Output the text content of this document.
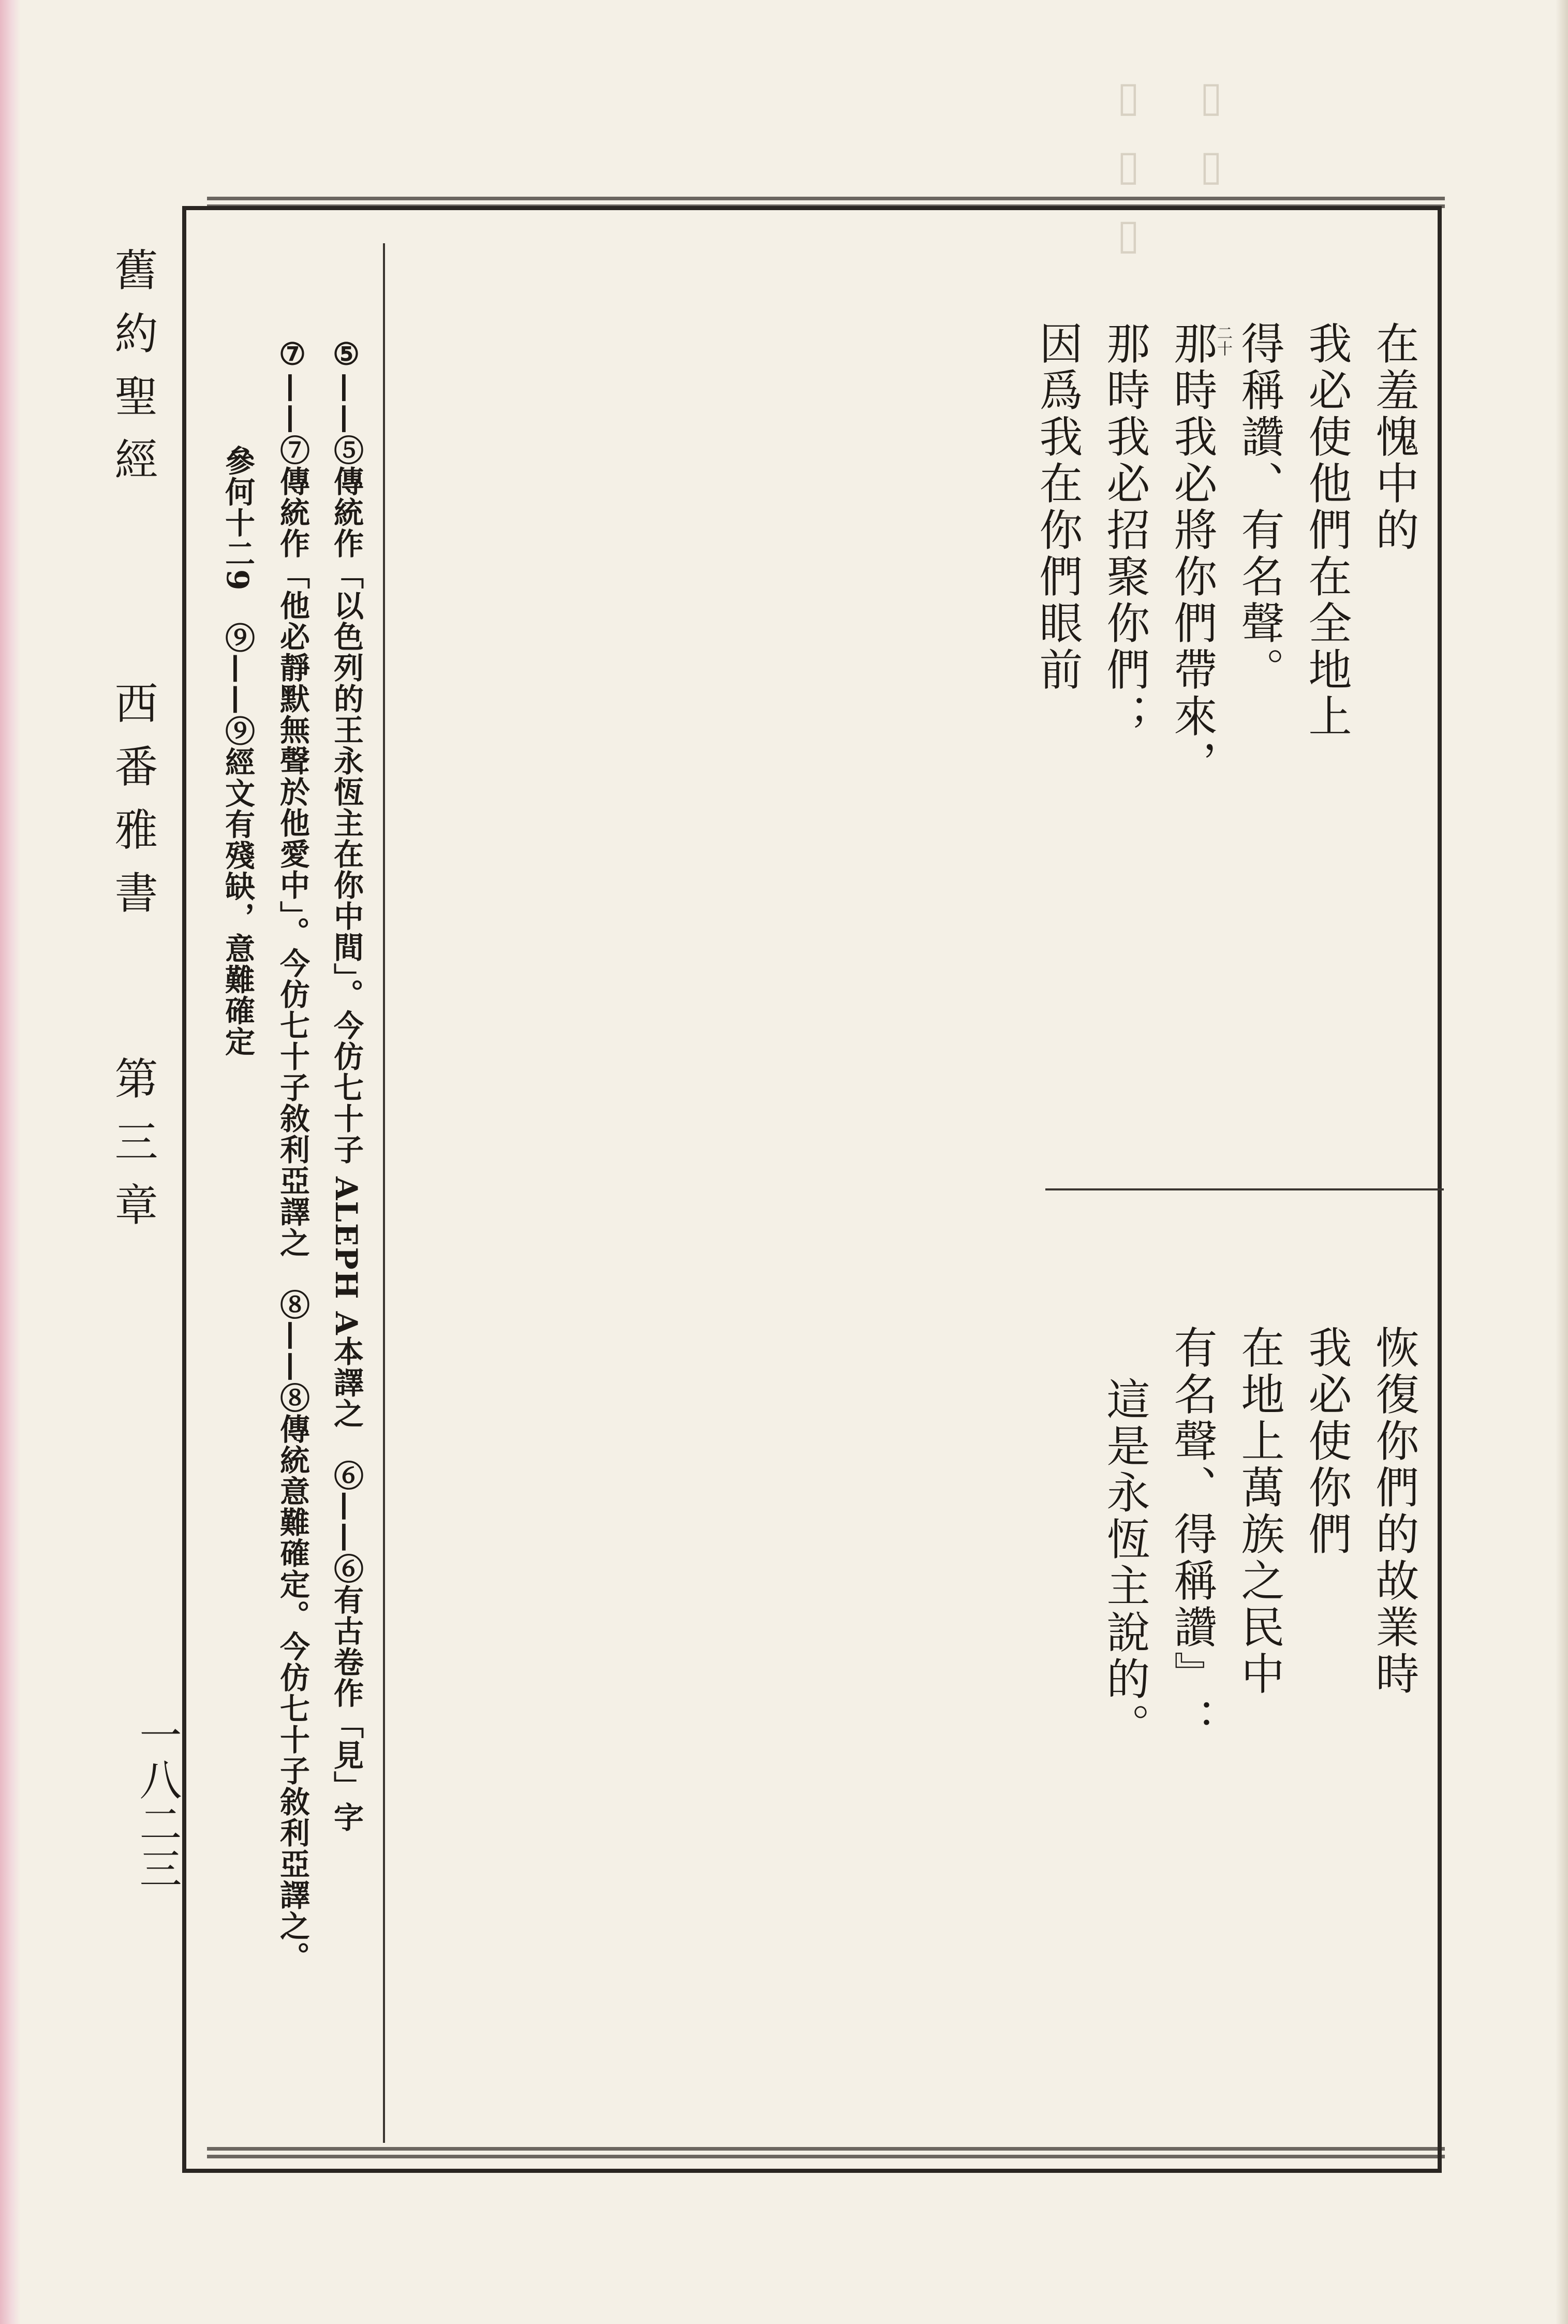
▯▯▯ ▯▯
舊約聖經
西番雅書
第三章
一八二三	⑤——⑤傳統作「以色列的王永恆主在你中間」。今仿七十子 ALEPH A本譯之　⑥——⑥有古卷作「見」字
⑦——⑦傳統作「他必靜默無聲於他愛中」。今仿七十子敘利亞譯之　⑧——⑧傳統意難確定。今仿七十子敘利亞譯之。
參何十二9　⑨——⑨經文有殘缺，意難確定
在羞愧中的
我必使他們在全地上
得稱讚、有名聲。
二十
那時我必將你們帶來，
那時我必招聚你們；
因爲我在你們眼前
恢復你們的故業時
我必使你們
在地上萬族之民中
有名聲、得稱讚』：
這是永恆主說的。
